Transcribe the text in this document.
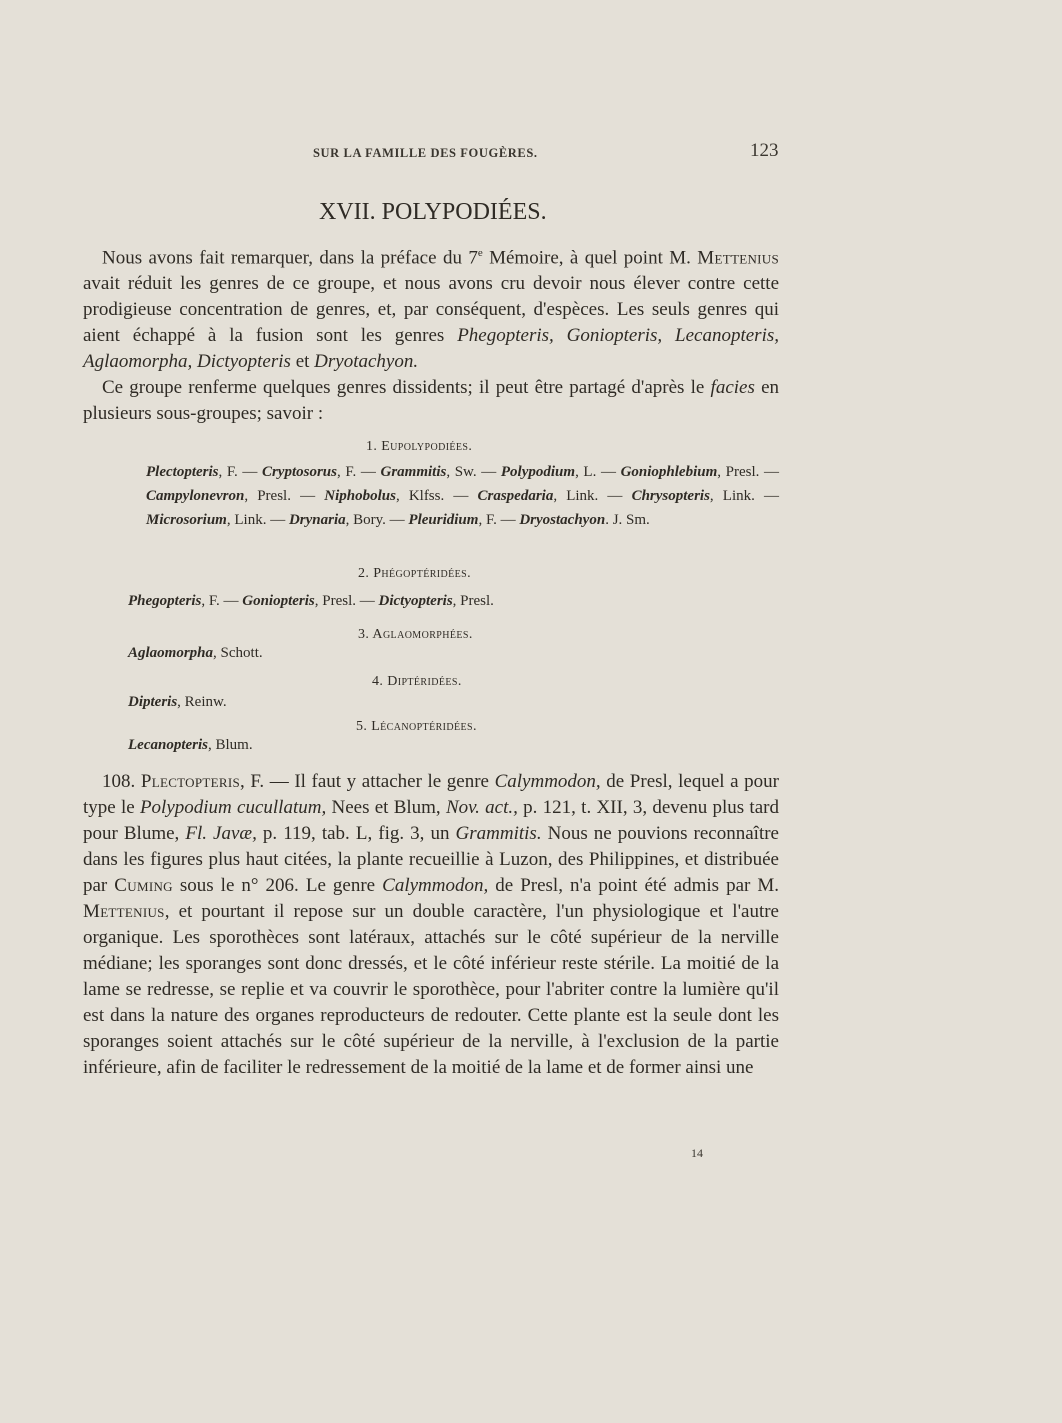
SUR LA FAMILLE DES FOUGÈRES.	123
XVII. POLYPODIÉES.

Nous avons fait remarquer, dans la préface du 7e Mémoire, à quel point M. Mettenius avait réduit les genres de ce groupe, et nous avons cru devoir nous élever contre cette prodigieuse concentration de genres, et, par conséquent, d'espèces. Les seuls genres qui aient échappé à la fusion sont les genres Phegopteris, Goniopteris, Lecanopteris, Aglaomorpha, Dictyopteris et Dryotachyon.

Ce groupe renferme quelques genres dissidents; il peut être partagé d'après le facies en plusieurs sous-groupes; savoir :

1. Eupolypodiées.

Plectopteris, F. — Cryptosorus, F. — Grammitis, Sw. — Polypodium, L. — Goniophlebium, Presl. — Campylonevron, Presl. — Niphobolus, Klfss. — Craspedaria, Link. — Chrysopteris, Link. — Microsorium, Link. — Drynaria, Bory. — Pleuridium, F. — Dryostachyon. J. Sm.

2. Phégoptéridées.
Phegopteris, F. — Goniopteris, Presl. — Dictyopteris, Presl.
3. Aglaomorphées.
Aglaomorpha, Schott.
4. Diptéridées.
Dipteris, Reinw.
5. Lécanoptéridées.
Lecanopteris, Blum.

108. Plectopteris, F. — Il faut y attacher le genre Calymmodon, de Presl, lequel a pour type le Polypodium cucullatum, Nees et Blum, Nov. act., p. 121, t. XII, 3, devenu plus tard pour Blume, Fl. Javæ, p. 119, tab. L, fig. 3, un Grammitis. Nous ne pouvions reconnaître dans les figures plus haut citées, la plante recueillie à Luzon, des Philippines, et distribuée par Cuming sous le n° 206. Le genre Calymmodon, de Presl, n'a point été admis par M. Mettenius, et pourtant il repose sur un double caractère, l'un physiologique et l'autre organique. Les sporothèces sont latéraux, attachés sur le côté supérieur de la nerville médiane; les sporanges sont donc dressés, et le côté inférieur reste stérile. La moitié de la lame se redresse, se replie et va couvrir le sporothèce, pour l'abriter contre la lumière qu'il est dans la nature des organes reproducteurs de redouter. Cette plante est la seule dont les sporanges soient attachés sur le côté supérieur de la nerville, à l'exclusion de la partie inférieure, afin de faciliter le redressement de la moitié de la lame et de former ainsi une

14
